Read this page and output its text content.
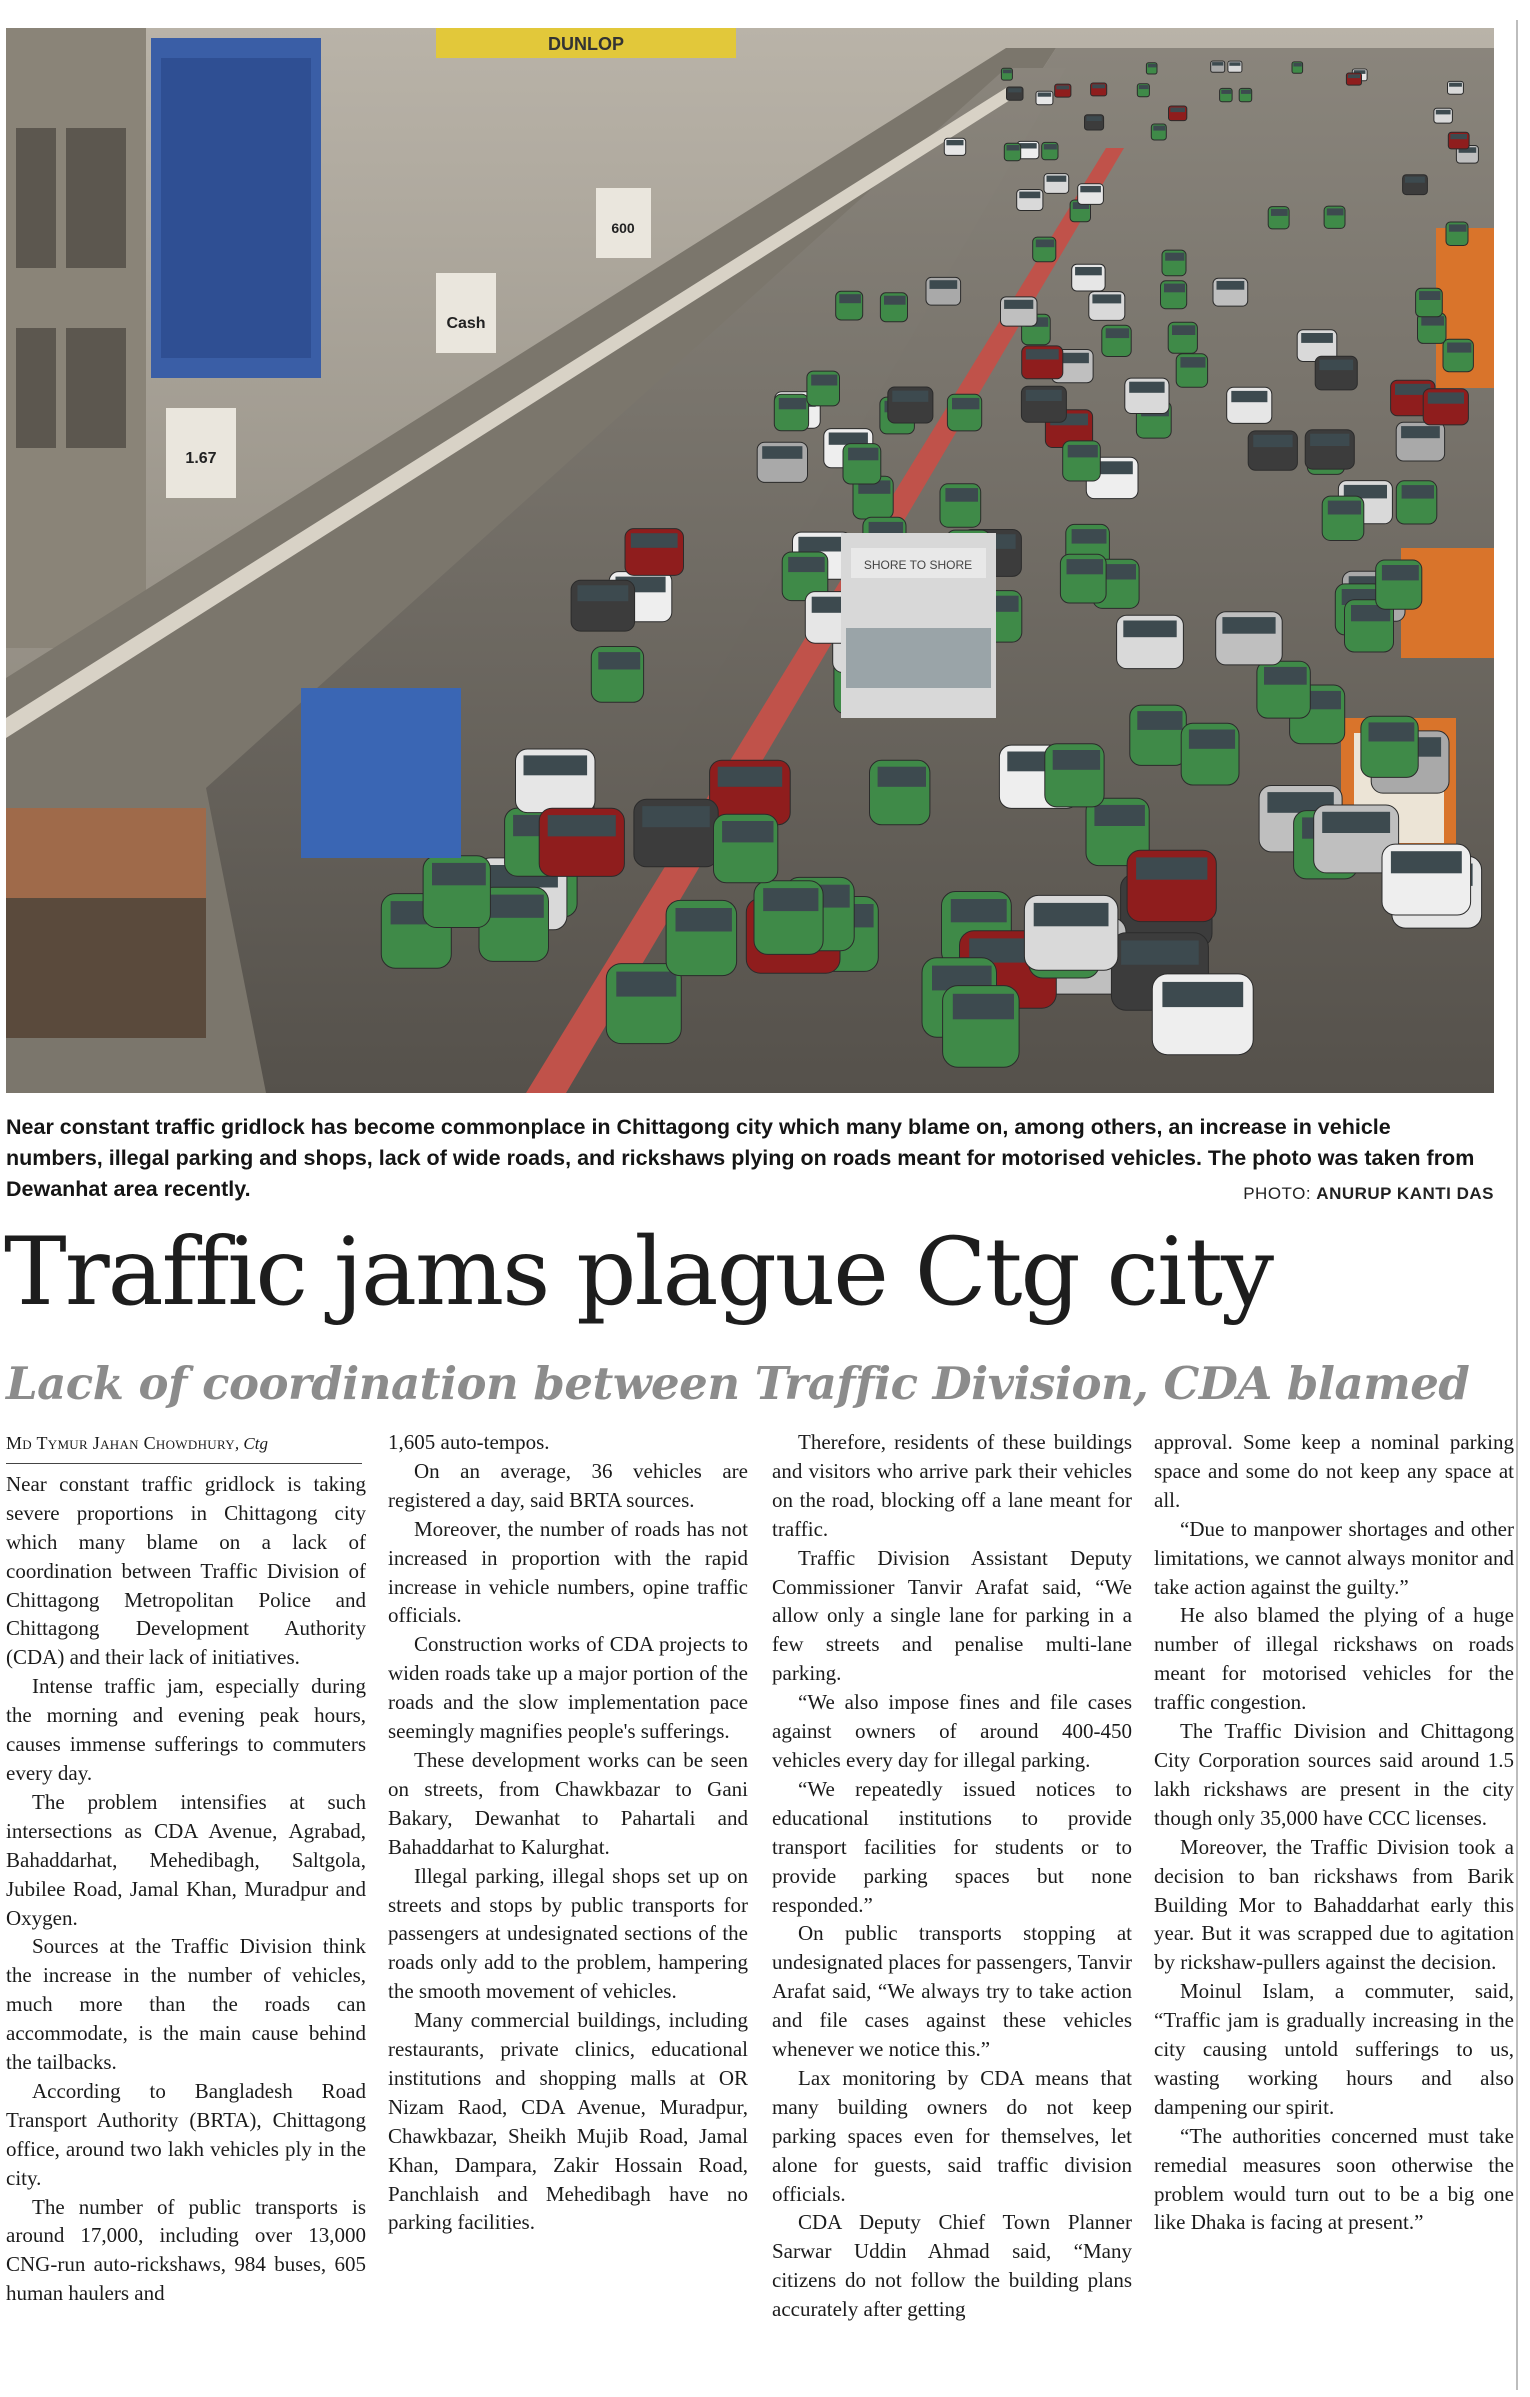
DUNLOP
Cash
1.67
600
SHORE TO SHORE
Near constant traffic gridlock has become commonplace in Chittagong city which many blame on, among others, an increase in vehicle numbers, illegal parking and shops, lack of wide roads, and rickshaws plying on roads meant for motorised vehicles. The photo was taken from Dewanhat area recently.	PHOTO: ANURUP KANTI DAS
Traffic jams plague Ctg city
Lack of coordination between Traffic Division, CDA blamed
Md Tymur Jahan Chowdhury, Ctg

Near constant traffic gridlock is taking severe proportions in Chittagong city which many blame on a lack of coordination between Traffic Division of Chittagong Metropolitan Police and Chittagong Development Authority (CDA) and their lack of initiatives.

Intense traffic jam, especially during the morning and evening peak hours, causes immense sufferings to commuters every day.

The problem intensifies at such intersections as CDA Avenue, Agrabad, Bahaddarhat, Mehedibagh, Saltgola, Jubilee Road, Jamal Khan, Muradpur and Oxygen.

Sources at the Traffic Division think the increase in the number of vehicles, much more than the roads can accommodate, is the main cause behind the tailbacks.

According to Bangladesh Road Transport Authority (BRTA), Chittagong office, around two lakh vehicles ply in the city.

The number of public transports is around 17,000, including over 13,000 CNG-run auto-rickshaws, 984 buses, 605 human haulers and

1,605 auto-tempos.

On an average, 36 vehicles are registered a day, said BRTA sources.

Moreover, the number of roads has not increased in proportion with the rapid increase in vehicle numbers, opine traffic officials.

Construction works of CDA projects to widen roads take up a major portion of the roads and the slow implementation pace seemingly magnifies people's sufferings.

These development works can be seen on streets, from Chawkbazar to Gani Bakary, Dewanhat to Pahartali and Bahaddarhat to Kalurghat.

Illegal parking, illegal shops set up on streets and stops by public transports for passengers at undesignated sections of the roads only add to the problem, hampering the smooth movement of vehicles.

Many commercial buildings, including restaurants, private clinics, educational institutions and shopping malls at OR Nizam Raod, CDA Avenue, Muradpur, Chawkbazar, Sheikh Mujib Road, Jamal Khan, Dampara, Zakir Hossain Road, Panchlaish and Mehedibagh have no parking facilities.

Therefore, residents of these buildings and visitors who arrive park their vehicles on the road, blocking off a lane meant for traffic.

Traffic Division Assistant Deputy Commissioner Tanvir Arafat said, “We allow only a single lane for parking in a few streets and penalise multi-lane parking.

“We also impose fines and file cases against owners of around 400-450 vehicles every day for illegal parking.

“We repeatedly issued notices to educational institutions to provide transport facilities for students or to provide parking spaces but none responded.”

On public transports stopping at undesignated places for passengers, Tanvir Arafat said, “We always try to take action and file cases against these vehicles whenever we notice this.”

Lax monitoring by CDA means that many building owners do not keep parking spaces even for themselves, let alone for guests, said traffic division officials.

CDA Deputy Chief Town Planner Sarwar Uddin Ahmad said, “Many citizens do not follow the building plans accurately after getting

approval. Some keep a nominal parking space and some do not keep any space at all.

“Due to manpower shortages and other limitations, we cannot always monitor and take action against the guilty.”

He also blamed the plying of a huge number of illegal rickshaws on roads meant for motorised vehicles for the traffic congestion.

The Traffic Division and Chittagong City Corporation sources said around 1.5 lakh rickshaws are present in the city though only 35,000 have CCC licenses.

Moreover, the Traffic Division took a decision to ban rickshaws from Barik Building Mor to Bahaddarhat early this year. But it was scrapped due to agitation by rickshaw-pullers against the decision.

Moinul Islam, a commuter, said, “Traffic jam is gradually increasing in the city causing untold sufferings to us, wasting working hours and also dampening our spirit.

“The authorities concerned must take remedial measures soon otherwise the problem would turn out to be a big one like Dhaka is facing at present.”
